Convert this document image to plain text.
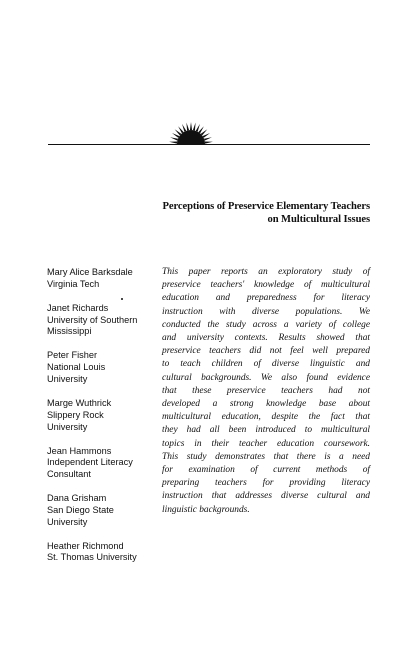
Perceptions of Preservice Elementary Teachers
on Multicultural Issues
Mary Alice Barksdale
Virginia Tech
Janet Richards
University of Southern
Mississippi
Peter Fisher
National Louis
University
Marge Wuthrick
Slippery Rock
University
Jean Hammons
Independent Literacy
Consultant
Dana Grisham
San Diego State
University
Heather Richmond
St. Thomas University
This paper reports an exploratory study of
preservice teachers' knowledge of multicultural
education and preparedness for literacy
instruction with diverse populations. We
conducted the study across a variety of college
and university contexts. Results showed that
preservice teachers did not feel well prepared
to teach children of diverse linguistic and
cultural backgrounds. We also found evidence
that these preservice teachers had not
developed a strong knowledge base about
multicultural education, despite the fact that
they had all been introduced to multicultural
topics in their teacher education coursework.
This study demonstrates that there is a need
for examination of current methods of
preparing teachers for providing literacy
instruction that addresses diverse cultural and
linguistic backgrounds.
